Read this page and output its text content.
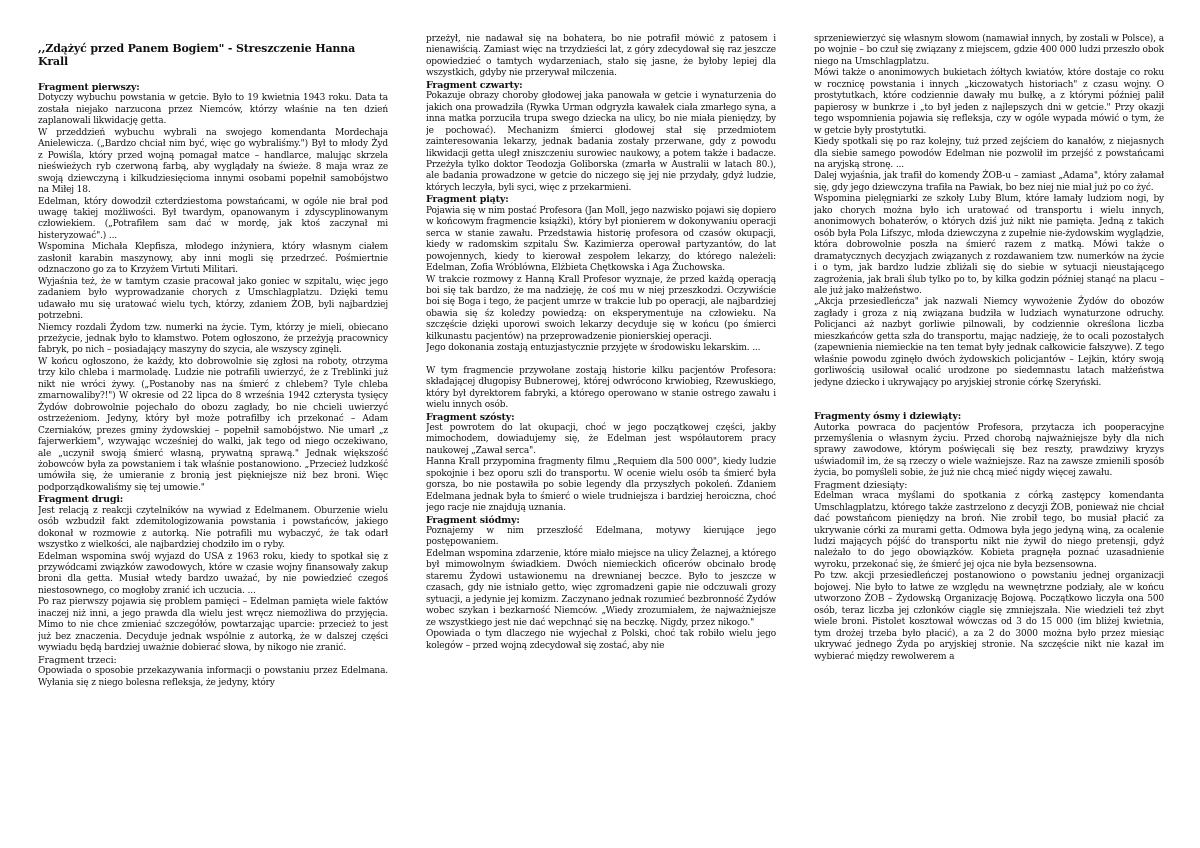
,,Zdążyć przed Panem Bogiem" - Streszczenie Hanna Krall
Fragment pierwszy:

Dotyczy wybuchu powstania w getcie. Było to 19 kwietnia 1943 roku. Data ta została niejako narzucona przez Niemców, którzy właśnie na ten dzień zaplanowali likwidację getta.

W przeddzień wybuchu wybrali na swojego komendanta Mordechaja Anielewicza. („Bardzo chciał nim być, więc go wybraliśmy.") Był to młody Żyd z Powiśla, który przed wojną pomagał matce – handlarce, malując skrzela nieświeżych ryb czerwoną farbą, aby wyglądały na świeże. 8 maja wraz ze swoją dziewczyną i kilkudziesięcioma innymi osobami popełnił samobójstwo na Miłej 18.

Edelman, który dowodził czterdziestoma powstańcami, w ogóle nie brał pod uwagę takiej możliwości. Był twardym, opanowanym i zdyscyplinowanym człowiekiem. („Potrafiłem sam dać w mordę, jak ktoś zaczynał mi histeryzować".) ...

Wspomina Michała Klepfisza, młodego inżyniera, który własnym ciałem zasłonił karabin maszynowy, aby inni mogli się przedrzeć. Pośmiertnie odznaczono go za to Krzyżem Virtuti Militari.

Wyjaśnia też, że w tamtym czasie pracował jako goniec w szpitalu, więc jego zadaniem było wyprowadzanie chorych z Umschlagplatzu. Dzięki temu udawało mu się uratować wielu tych, którzy, zdaniem ŻOB, byli najbardziej potrzebni.

Niemcy rozdali Żydom tzw. numerki na życie. Tym, którzy je mieli, obiecano przeżycie, jednak było to kłamstwo. Potem ogłoszono, że przeżyją pracownicy fabryk, po nich – posiadający maszyny do szycia, ale wszyscy zginęli.

W końcu ogłoszono, że każdy, kto dobrowolnie się zgłosi na roboty, otrzyma trzy kilo chleba i marmoladę. Ludzie nie potrafili uwierzyć, że z Treblinki już nikt nie wróci żywy. („Postanoby nas na śmierć z chlebem? Tyle chleba zmarnowaliby?!") W okresie od 22 lipca do 8 września 1942 czterysta tysięcy Żydów dobrowolnie pojechało do obozu zagłady, bo nie chcieli uwierzyć ostrzeżeniom. Jedyny, który był może potrafiłby ich przekonać – Adam Czerniaków, prezes gminy żydowskiej – popełnił samobójstwo. Nie umarł „z fajerwerkiem", wzywając wcześniej do walki, jak tego od niego oczekiwano, ale „uczynił swoją śmierć własną, prywatną sprawą." Jednak większość żobowców była za powstaniem i tak właśnie postanowiono. „Przecież ludzkość umówiła się, że umieranie z bronią jest piękniejsze niż bez broni. Więc podporządkowaliśmy się tej umowie."

Fragment drugi:

Jest relacją z reakcji czytelników na wywiad z Edelmanem. Oburzenie wielu osób wzbudził fakt zdemitologizowania powstania i powstańców, jakiego dokonał w rozmowie z autorką. Nie potrafili mu wybaczyć, że tak odarł wszystko z wielkości, ale najbardziej chodziło im o ryby.

Edelman wspomina swój wyjazd do USA z 1963 roku, kiedy to spotkał się z przywódcami związków zawodowych, które w czasie wojny finansowały zakup broni dla getta. Musiał wtedy bardzo uważać, by nie powiedzieć czegoś niestosownego, co mogłoby zranić ich uczucia. ...

Po raz pierwszy pojawia się problem pamięci – Edelman pamięta wiele faktów inaczej niż inni, a jego prawda dla wielu jest wręcz niemożliwa do przyjęcia. Mimo to nie chce zmieniać szczegółów, powtarzając uparcie: przecież to jest już bez znaczenia. Decyduje jednak wspólnie z autorką, że w dalszej części wywiadu będą bardziej uważnie dobierać słowa, by nikogo nie zranić.

Fragment trzeci:

Opowiada o sposobie przekazywania informacji o powstaniu przez Edelmana. Wyłania się z niego bolesna refleksja, że jedyny, który

przeżył, nie nadawał się na bohatera, bo nie potrafił mówić z patosem i nienawiścią. Zamiast więc na trzydzieści lat, z góry zdecydował się raz jeszcze opowiedzieć o tamtych wydarzeniach, stało się jasne, że byłoby lepiej dla wszystkich, gdyby nie przerywał milczenia.

Fragment czwarty:

Pokazuje obrazy choroby głodowej jaka panowała w getcie i wynaturzenia do jakich ona prowadziła (Rywka Urman odgryzła kawałek ciała zmarłego syna, a inna matka porzuciła trupa swego dziecka na ulicy, bo nie miała pieniędzy, by je pochować). Mechanizm śmierci głodowej stał się przedmiotem zainteresowania lekarzy, jednak badania zostały przerwane, gdy z powodu likwidacji getta uległ zniszczeniu surowiec naukowy, a potem także i badacze. Przeżyła tylko doktor Teodozja Goliborska (zmarła w Australii w latach 80.), ale badania prowadzone w getcie do niczego się jej nie przydały, gdyż ludzie, których leczyła, byli syci, więc z przekarmieni.

Fragment piąty:

Pojawia się w nim postać Profesora (Jan Moll, jego nazwisko pojawi się dopiero w końcowym fragmencie książki), który był pionierem w dokonywaniu operacji serca w stanie zawału. Przedstawia historię profesora od czasów okupacji, kiedy w radomskim szpitalu Św. Kazimierza operował partyzantów, do lat powojennych, kiedy to kierował zespołem lekarzy, do którego należeli: Edelman, Zofia Wróblówna, Elżbieta Chętkowska i Aga Żuchowska.

W trakcie rozmowy z Hanną Krall Profesor wyznaje, że przed każdą operacją boi się tak bardzo, że ma nadzieję, że coś mu w niej przeszkodzi. Oczywiście boi się Boga i tego, że pacjent umrze w trakcie lub po operacji, ale najbardziej obawia się śz koledzy powiedzą: on eksperymentuje na człowieku. Na szczęście dzięki uporowi swoich lekarzy decyduje się w końcu (po śmierci kilkunastu pacjentów) na przeprowadzenie pionierskiej operacji.

Jego dokonania zostają entuzjastycznie przyjęte w środowisku lekarskim. ...

W tym fragmencie przywołane zostają historie kilku pacjentów Profesora: składającej długopisy Bubnerowej, której odwrócono krwiobieg, Rzewuskiego, który był dyrektorem fabryki, a którego operowano w stanie ostrego zawału i wielu innych osób.

Fragment szósty:

Jest powrotem do lat okupacji, choć w jego początkowej części, jakby mimochodem, dowiadujemy się, że Edelman jest współautorem pracy naukowej „Zawał serca".

Hanna Krall przypomina fragmenty filmu „Requiem dla 500 000", kiedy ludzie spokojnie i bez oporu szli do transportu. W ocenie wielu osób ta śmierć była gorsza, bo nie postawiła po sobie legendy dla przyszłych pokoleń. Zdaniem Edelmana jednak była to śmierć o wiele trudniejsza i bardziej heroiczna, choć jego racje nie znajdują uznania.

Fragment siódmy:

Poznajemy w nim przeszłość Edelmana, motywy kierujące jego postępowaniem.

Edelman wspomina zdarzenie, które miało miejsce na ulicy Żelaznej, a którego był mimowolnym świadkiem. Dwóch niemieckich oficerów obcinało brodę staremu Żydowi ustawionemu na drewnianej beczce. Było to jeszcze w czasach, gdy nie istniało getto, więc zgromadzeni gapie nie odczuwali grozy sytuacji, a jedynie jej komizm. Zaczynano jednak rozumieć bezbronność Żydów wobec szykan i bezkarność Niemców. „Wiedy zrozumiałem, że najważniejsze ze wszystkiego jest nie dać wepchnąć się na beczkę. Nigdy, przez nikogo."

Opowiada o tym dlaczego nie wyjechał z Polski, choć tak robiło wielu jego kolegów – przed wojną zdecydował się zostać, aby nie

sprzeniewierzyć się własnym słowom (namawiał innych, by zostali w Polsce), a po wojnie – bo czuł się związany z miejscem, gdzie 400 000 ludzi przeszło obok niego na Umschlagplatzu.

Mówi także o anonimowych bukietach żółtych kwiatów, które dostaje co roku w rocznicę powstania i innych „kiczowatych historiach" z czasu wojny. O prostytutkach, które codziennie dawały mu bułkę, a z którymi później palił papierosy w bunkrze i „to był jeden z najlepszych dni w getcie." Przy okazji tego wspomnienia pojawia się refleksja, czy w ogóle wypada mówić o tym, że w getcie były prostytutki.

Kiedy spotkali się po raz kolejny, tuż przed zejściem do kanałów, z niejasnych dla siebie samego powodów Edelman nie pozwolił im przejść z powstańcami na aryjską stronę. ...

Dalej wyjaśnia, jak trafił do komendy ŻOB-u – zamiast „Adama", który załamał się, gdy jego dziewczyna trafiła na Pawiak, bo bez niej nie miał już po co żyć.

Wspomina pielęgniarki ze szkoły Luby Blum, które łamały ludziom nogi, by jako chorych można było ich uratować od transportu i wielu innych, anonimowych bohaterów, o których dziś już nikt nie pamięta. Jedną z takich osób była Pola Lifszyc, młoda dziewczyna z zupełnie nie-żydowskim wyglądzie, która dobrowolnie poszła na śmierć razem z matką. Mówi także o dramatycznych decyzjach związanych z rozdawaniem tzw. numerków na życie i o tym, jak bardzo ludzie zbliżali się do siebie w sytuacji nieustającego zagrożenia, jak brali ślub tylko po to, by kilka godzin później stanąć na placu – ale już jako małżeństwo.

„Akcja przesiedleńcza" jak nazwali Niemcy wywożenie Żydów do obozów zagłady i groza z nią związana budziła w ludziach wynaturzone odruchy. Policjanci aż nazbyt gorliwie pilnowali, by codziennie określona liczba mieszkańców getta szła do transportu, mając nadzieję, że to ocali pozostałych (zapewnienia niemieckie na ten temat były jednak całkowicie fałszywe). Z tego właśnie powodu zginęło dwóch żydowskich policjantów – Lejkin, który swoją gorliwością usiłował ocalić urodzone po siedemnastu latach małżeństwa jedyne dziecko i ukrywający po aryjskiej stronie córkę Szeryński.

Fragmenty ósmy i dziewiąty:

Autorka powraca do pacjentów Profesora, przytacza ich pooperacyjne przemyślenia o własnym życiu. Przed chorobą najważniejsze były dla nich sprawy zawodowe, którym poświęcali się bez reszty, prawdziwy kryzys uświadomił im, że są rzeczy o wiele ważniejsze. Raz na zawsze zmienili sposób życia, bo pomyśleli sobie, że już nie chcą mieć nigdy więcej zawału.

Fragment dziesiąty:

Edelman wraca myślami do spotkania z córką zastępcy komendanta Umschlagplatzu, którego także zastrzelono z decyzji ŻOB, ponieważ nie chciał dać powstańcom pieniędzy na broń. Nie zrobił tego, bo musiał płacić za ukrywanie córki za murami getta. Odmowa była jego jedyną winą, za ocalenie ludzi mających pójść do transportu nikt nie żywił do niego pretensji, gdyż należało to do jego obowiązków. Kobieta pragnęła poznać uzasadnienie wyroku, przekonać się, że śmierć jej ojca nie była bezsensowna.

Po tzw. akcji przesiedleńczej postanowiono o powstaniu jednej organizacji bojowej. Nie było to łatwe ze względu na wewnętrzne podziały, ale w końcu utworzono ŻOB – Żydowską Organizację Bojową. Początkowo liczyła ona 500 osób, teraz liczba jej członków ciągle się zmniejszała. Nie wiedzieli też zbyt wiele broni. Pistolet kosztował wówczas od 3 do 15 000 (im bliżej kwietnia, tym drożej trzeba było płacić), a za 2 do 3000 można było przez miesiąc ukrywać jednego Żyda po aryjskiej stronie. Na szczęście nikt nie kazał im wybierać między rewolwerem a
